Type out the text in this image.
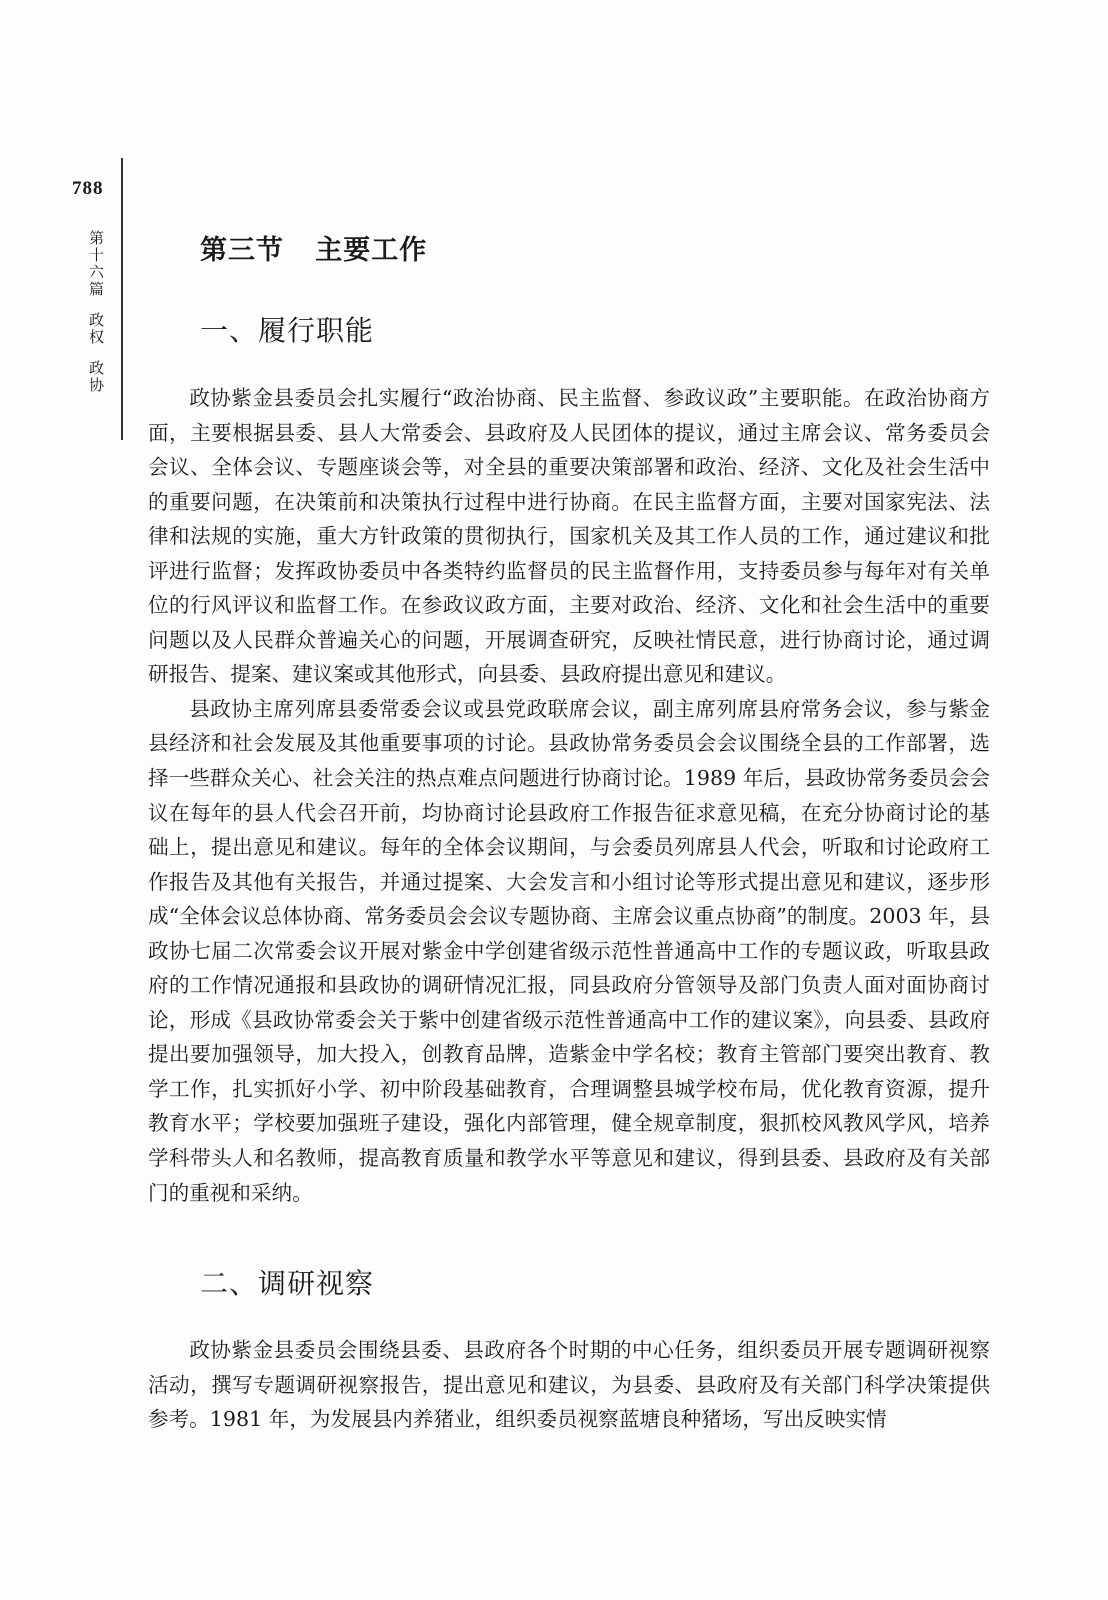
788
第十六篇政权政协
第三节   主要工作
一、履行职能

政协紫金县委员会扎实履行“政治协商、民主监督、参政议政”主要职能。在政治协商方面，主要根据县委、县人大常委会、县政府及人民团体的提议，通过主席会议、常务委员会会议、全体会议、专题座谈会等，对全县的重要决策部署和政治、经济、文化及社会生活中的重要问题，在决策前和决策执行过程中进行协商。在民主监督方面，主要对国家宪法、法律和法规的实施，重大方针政策的贯彻执行，国家机关及其工作人员的工作，通过建议和批评进行监督；发挥政协委员中各类特约监督员的民主监督作用，支持委员参与每年对有关单位的行风评议和监督工作。在参政议政方面，主要对政治、经济、文化和社会生活中的重要问题以及人民群众普遍关心的问题，开展调查研究，反映社情民意，进行协商讨论，通过调研报告、提案、建议案或其他形式，向县委、县政府提出意见和建议。

县政协主席列席县委常委会议或县党政联席会议，副主席列席县府常务会议，参与紫金县经济和社会发展及其他重要事项的讨论。县政协常务委员会会议围绕全县的工作部署，选择一些群众关心、社会关注的热点难点问题进行协商讨论。1989 年后，县政协常务委员会会议在每年的县人代会召开前，均协商讨论县政府工作报告征求意见稿，在充分协商讨论的基础上，提出意见和建议。每年的全体会议期间，与会委员列席县人代会，听取和讨论政府工作报告及其他有关报告，并通过提案、大会发言和小组讨论等形式提出意见和建议，逐步形成“全体会议总体协商、常务委员会会议专题协商、主席会议重点协商”的制度。2003 年，县政协七届二次常委会议开展对紫金中学创建省级示范性普通高中工作的专题议政，听取县政府的工作情况通报和县政协的调研情况汇报，同县政府分管领导及部门负责人面对面协商讨论，形成《县政协常委会关于紫中创建省级示范性普通高中工作的建议案》，向县委、县政府提出要加强领导，加大投入，创教育品牌，造紫金中学名校；教育主管部门要突出教育、教学工作，扎实抓好小学、初中阶段基础教育，合理调整县城学校布局，优化教育资源，提升教育水平；学校要加强班子建设，强化内部管理，健全规章制度，狠抓校风教风学风，培养学科带头人和名教师，提高教育质量和教学水平等意见和建议，得到县委、县政府及有关部门的重视和采纳。

二、调研视察

政协紫金县委员会围绕县委、县政府各个时期的中心任务，组织委员开展专题调研视察活动，撰写专题调研视察报告，提出意见和建议，为县委、县政府及有关部门科学决策提供参考。1981 年，为发展县内养猪业，组织委员视察蓝塘良种猪场，写出反映实情
